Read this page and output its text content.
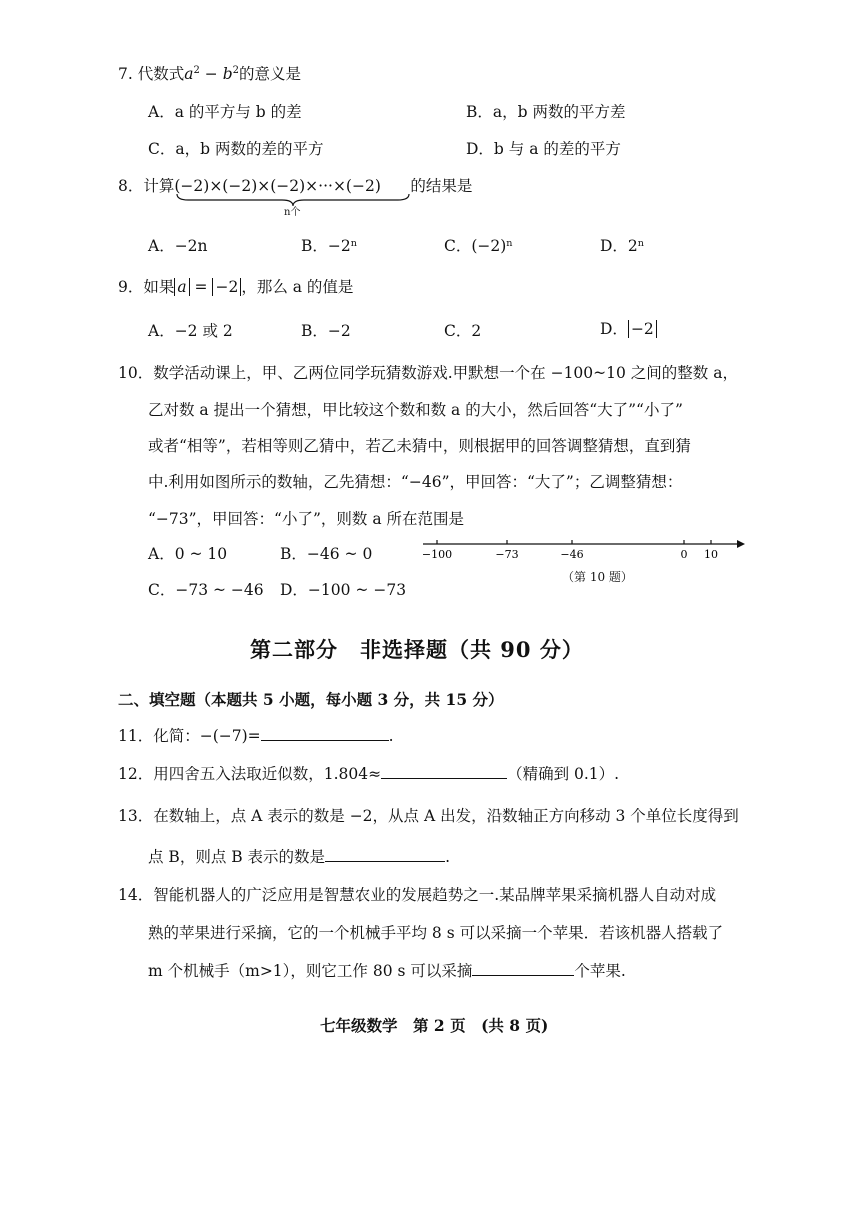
7. 代数式$a^2 - b^2$的意义是
A．a 的平方与 b 的差	B．a，b 两数的平方差
C．a，b 两数的差的平方	D．b 与 a 的差的平方
8．计算(−2)×(−2)×(−2)×···×(−2) 的结果是
n个
A．−2n	B．−2ⁿ	C．(−2)ⁿ	D．2ⁿ
9．如果 a = −2 ，那么 a 的值是
A．−2 或 2	B．−2	C．2	D． −2
10．数学活动课上，甲、乙两位同学玩猜数游戏.甲默想一个在 −100~10 之间的整数 a，
乙对数 a 提出一个猜想，甲比较这个数和数 a 的大小，然后回答“大了”“小了”
或者“相等”，若相等则乙猜中，若乙未猜中，则根据甲的回答调整猜想，直到猜
中.利用如图所示的数轴，乙先猜想：“−46”，甲回答：“大了”；乙调整猜想：
“−73”，甲回答：“小了”，则数 a 所在范围是
A．0 ~ 10	B．−46 ~ 0
C．−73 ~ −46 D．−100 ~ −73
−100	−73	−46	0 10
（第 10 题）
第二部分　非选择题（共 90 分）
二、填空题（本题共 5 小题，每小题 3 分，共 15 分）
11．化简：−(−7)=	.
12．用四舍五入法取近似数，1.804≈	（精确到 0.1）.
13．在数轴上，点 A 表示的数是 −2，从点 A 出发，沿数轴正方向移动 3 个单位长度得到
点 B，则点 B 表示的数是	.
14．智能机器人的广泛应用是智慧农业的发展趋势之一.某品牌苹果采摘机器人自动对成
熟的苹果进行采摘，它的一个机械手平均 8 s 可以采摘一个苹果．若该机器人搭载了
m 个机械手（m>1），则它工作 80 s 可以采摘	个苹果.
七年级数学　第 2 页　(共 8 页)
